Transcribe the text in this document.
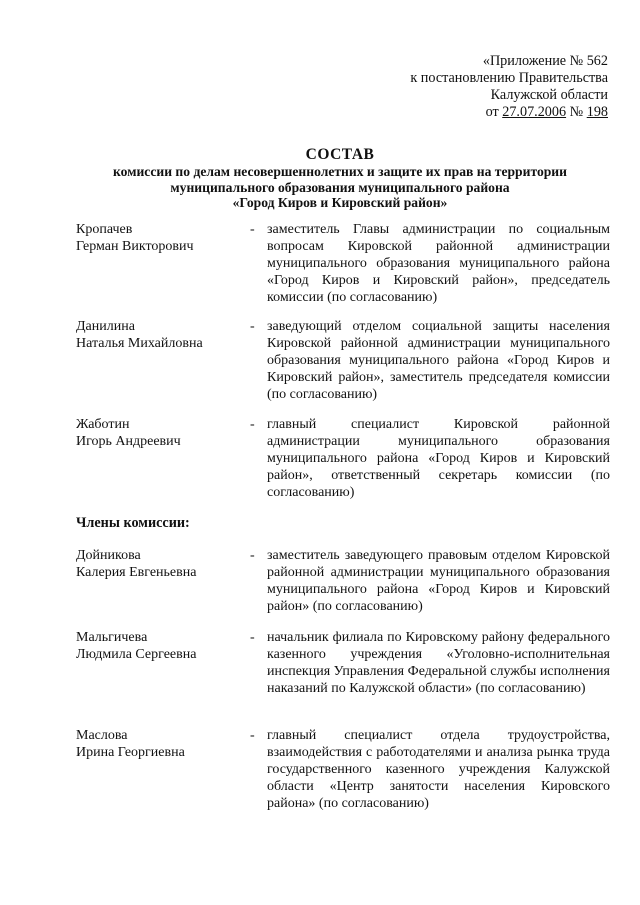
«Приложение № 562
к постановлению Правительства
Калужской области
от 27.07.2006 № 198
СОСТАВ
комиссии по делам несовершеннолетних и защите их прав на территории
муниципального образования муниципального района
«Город Киров и Кировский район»
Кропачев
Герман Викторович
- заместитель Главы администрации по социальным вопросам Кировской районной администрации муниципального образования муниципального района «Город Киров и Кировский район», председатель комиссии (по согласованию)
Данилина
Наталья Михайловна
- заведующий отделом социальной защиты населения Кировской районной администрации муниципального образования муниципального района «Город Киров и Кировский район», заместитель председателя комиссии (по согласованию)
Жаботин
Игорь Андреевич
- главный специалист Кировской районной администрации муниципального образования муниципального района «Город Киров и Кировский район», ответственный секретарь комиссии (по согласованию)
Члены комиссии:
Дойникова
Калерия Евгеньевна
- заместитель заведующего правовым отделом Кировской районной администрации муниципального образования муниципального района «Город Киров и Кировский район» (по согласованию)
Мальгичева
Людмила Сергеевна
- начальник филиала по Кировскому району федерального казенного учреждения «Уголовно-исполнительная инспекция Управления Федеральной службы исполнения наказаний по Калужской области» (по согласованию)
Маслова
Ирина Георгиевна
- главный специалист отдела трудоустройства, взаимодействия с работодателями и анализа рынка труда государственного казенного учреждения Калужской области «Центр занятости населения Кировского района» (по согласованию)
